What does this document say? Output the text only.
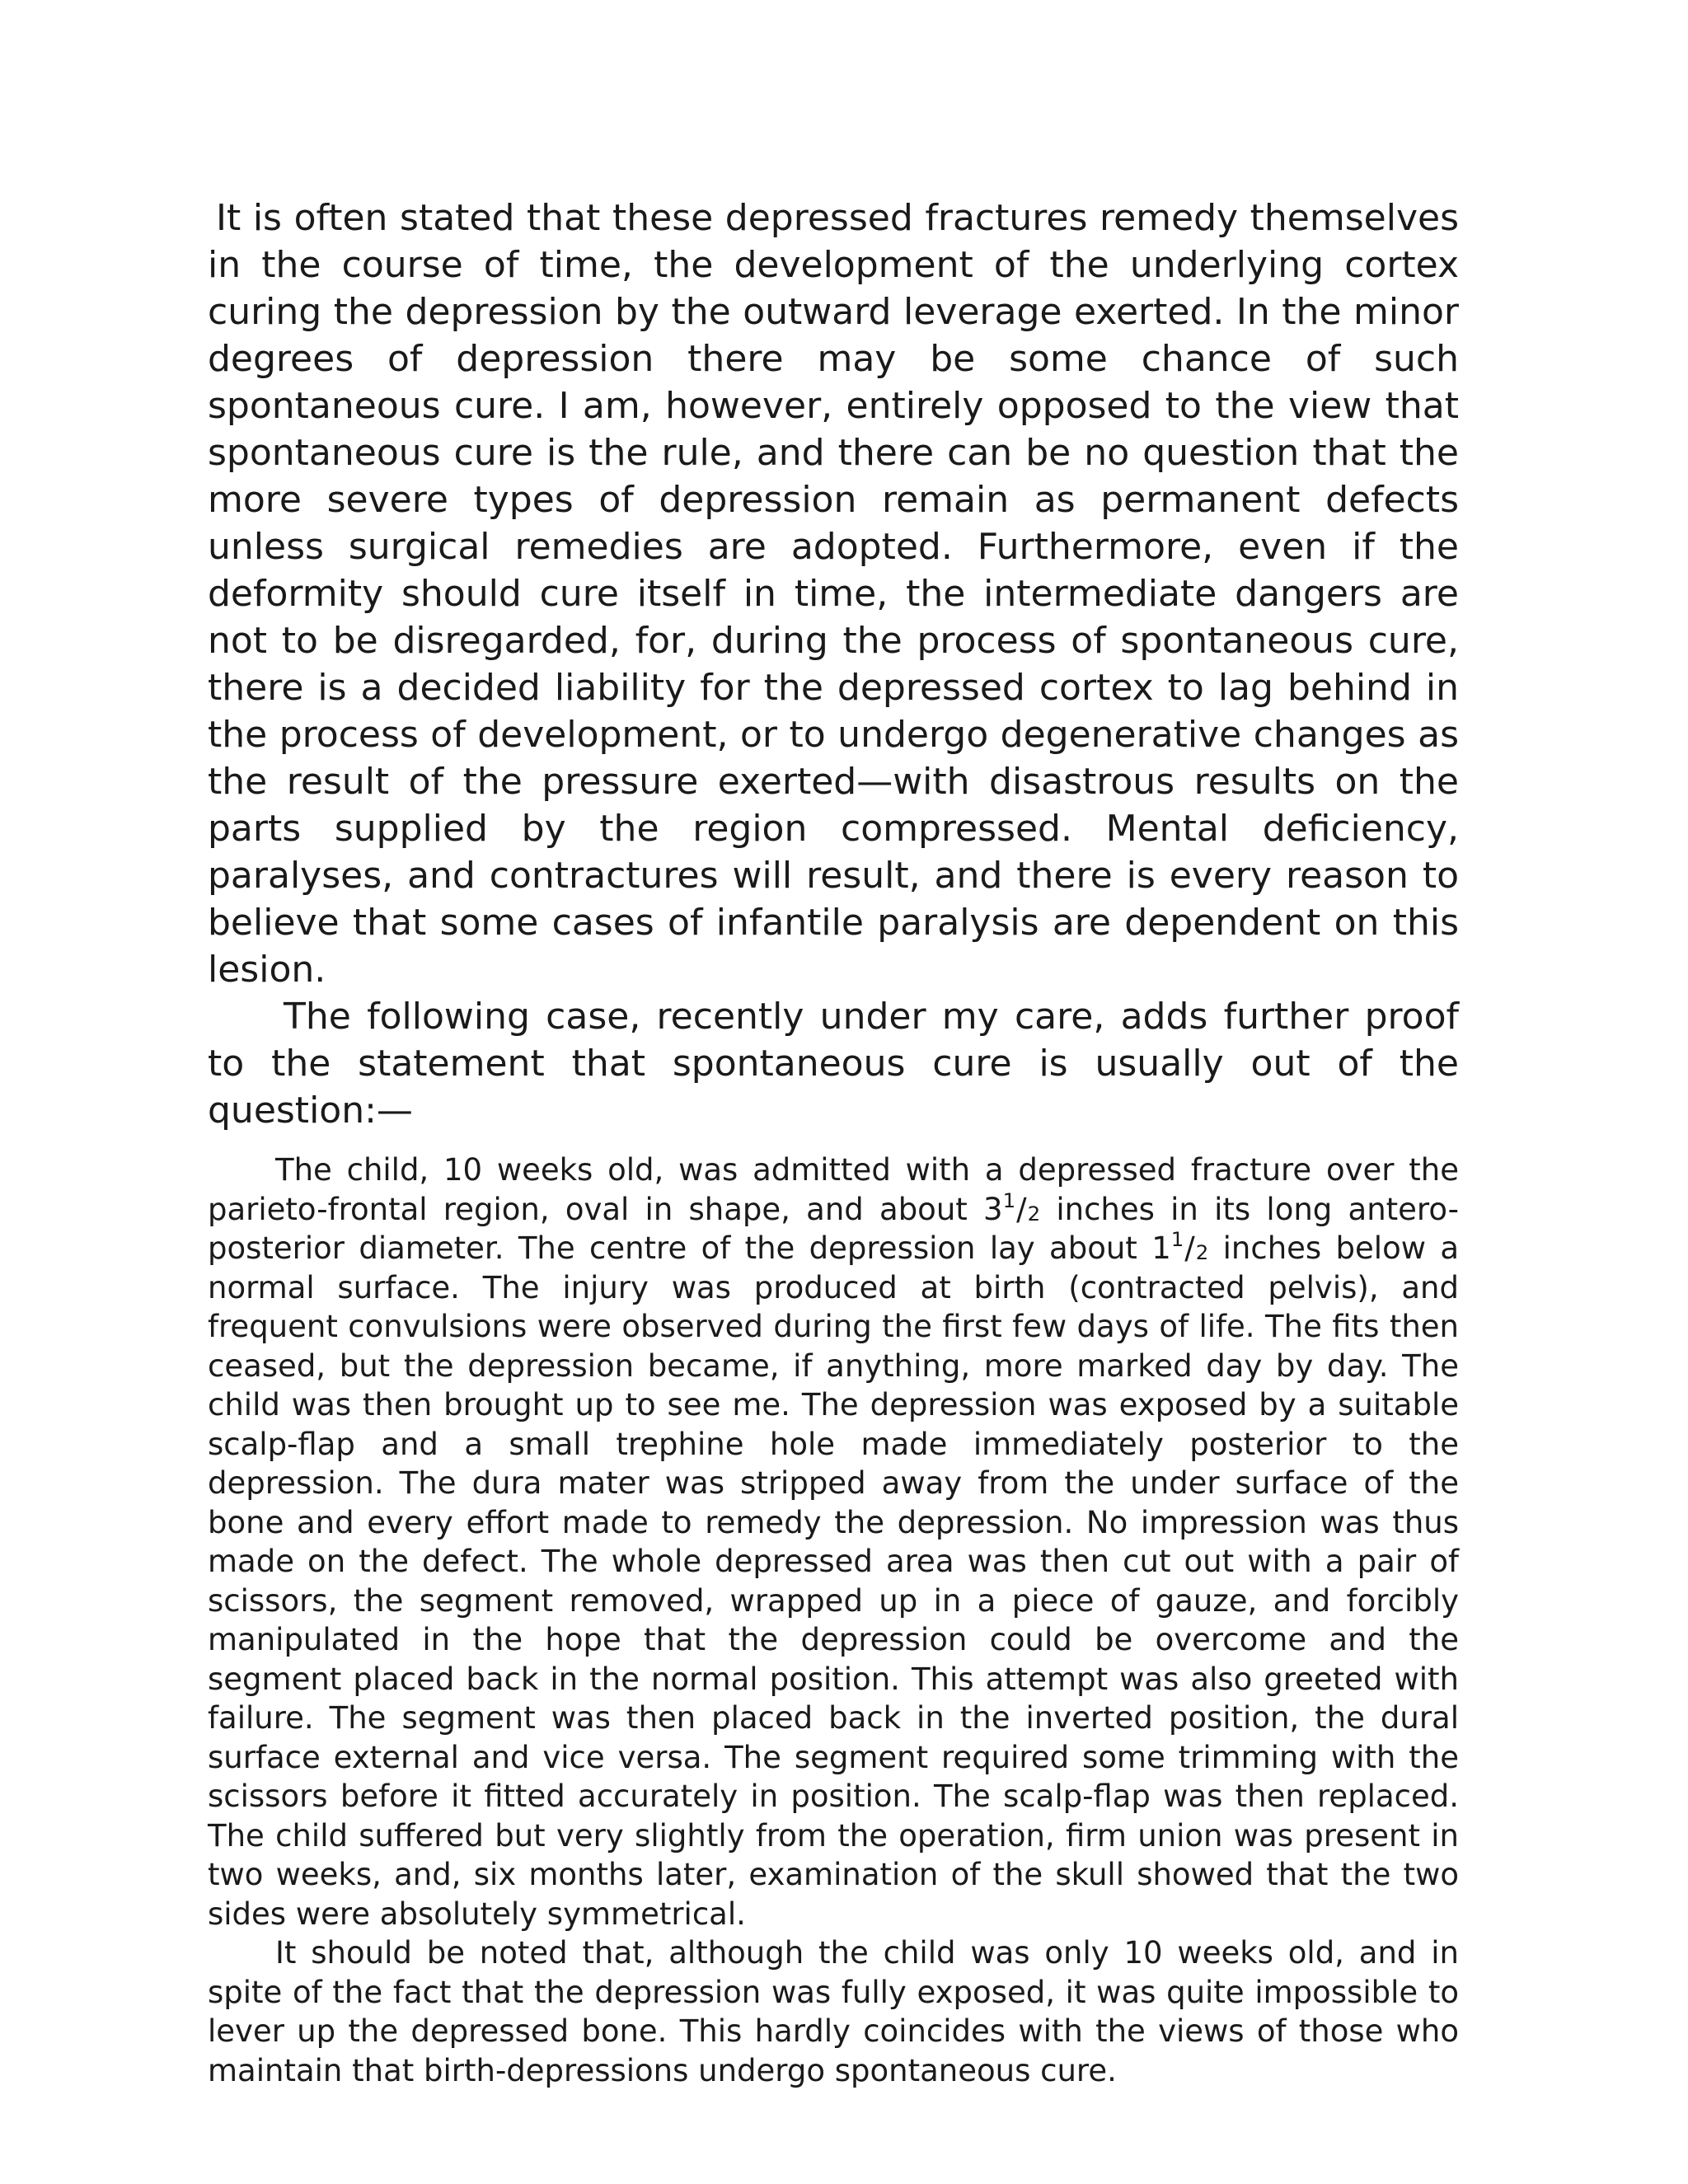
It is often stated that these depressed fractures remedy themselves in the course of time, the development of the underlying cortex curing the depression by the outward leverage exerted. In the minor degrees of depression there may be some chance of such spontaneous cure. I am, however, entirely opposed to the view that spontaneous cure is the rule, and there can be no question that the more severe types of depression remain as permanent defects unless surgical remedies are adopted. Furthermore, even if the deformity should cure itself in time, the intermediate dangers are not to be disregarded, for, during the process of spontaneous cure, there is a decided liability for the depressed cortex to lag behind in the process of development, or to undergo degenerative changes as the result of the pressure exerted—with disastrous results on the parts supplied by the region compressed. Mental deficiency, paralyses, and contractures will result, and there is every reason to believe that some cases of infantile paralysis are dependent on this lesion.

The following case, recently under my care, adds further proof to the statement that spontaneous cure is usually out of the question:—

The child, 10 weeks old, was admitted with a depressed fracture over the parieto-frontal region, oval in shape, and about $3^1/_2$ inches in its long antero-posterior diameter. The centre of the depression lay about $1^1/_2$ inches below a normal surface. The injury was produced at birth (contracted pelvis), and frequent convulsions were observed during the first few days of life. The fits then ceased, but the depression became, if anything, more marked day by day. The child was then brought up to see me. The depression was exposed by a suitable scalp-flap and a small trephine hole made immediately posterior to the depression. The dura mater was stripped away from the under surface of the bone and every effort made to remedy the depression. No impression was thus made on the defect. The whole depressed area was then cut out with a pair of scissors, the segment removed, wrapped up in a piece of gauze, and forcibly manipulated in the hope that the depression could be overcome and the segment placed back in the normal position. This attempt was also greeted with failure. The segment was then placed back in the inverted position, the dural surface external and vice versa. The segment required some trimming with the scissors before it fitted accurately in position. The scalp-flap was then replaced. The child suffered but very slightly from the operation, firm union was present in two weeks, and, six months later, examination of the skull showed that the two sides were absolutely symmetrical.

It should be noted that, although the child was only 10 weeks old, and in spite of the fact that the depression was fully exposed, it was quite impossible to lever up the depressed bone. This hardly coincides with the views of those who maintain that birth-depressions undergo spontaneous cure.
